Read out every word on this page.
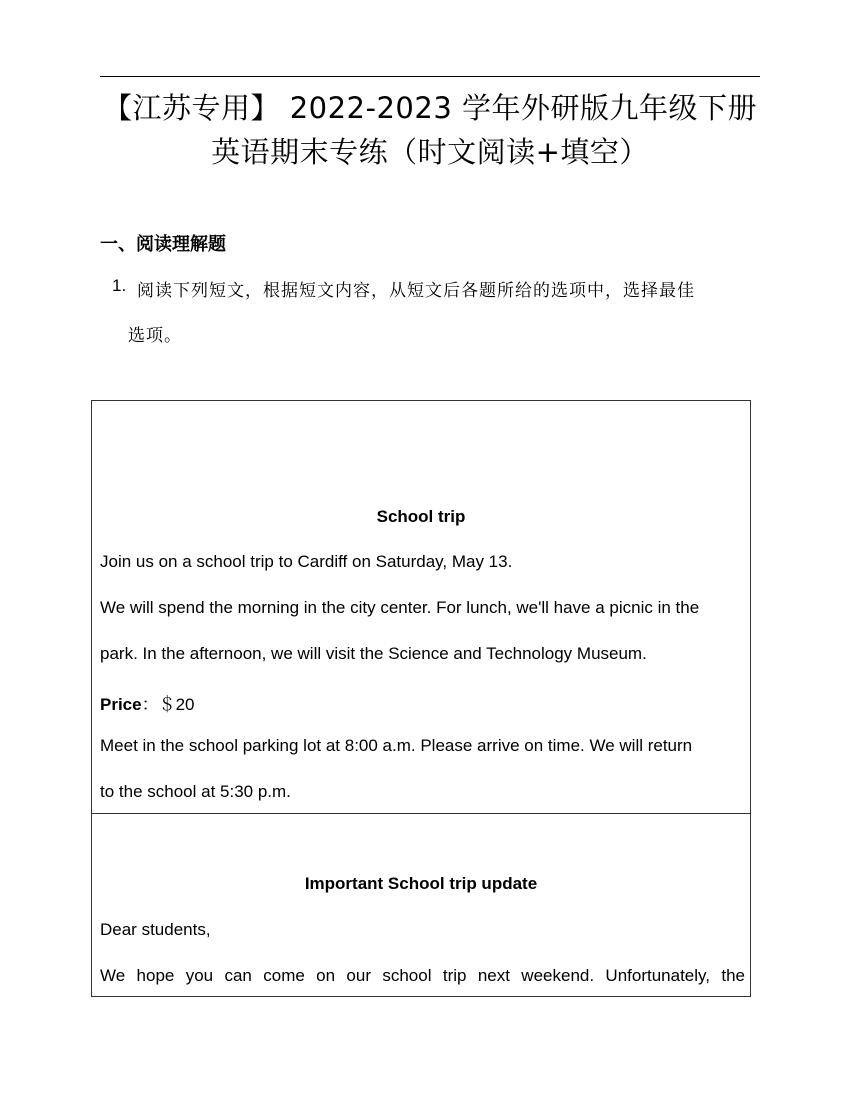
【江苏专用】 2022-2023 学年外研版九年级下册
英语期末专练（时文阅读+填空）
一、阅读理解题
1. 阅读下列短文，根据短文内容，从短文后各题所给的选项中，选择最佳
选项。
School trip
Join us on a school trip to Cardiff on Saturday, May 13.
We will spend the morning in the city center. For lunch, we'll have a picnic in the
park. In the afternoon, we will visit the Science and Technology Museum.
Price：＄20
Meet in the school parking lot at 8:00 a.m. Please arrive on time. We will return
to the school at 5:30 p.m.
Important School trip update
Dear students,
We hope you can come on our school trip next weekend. Unfortunately, the
